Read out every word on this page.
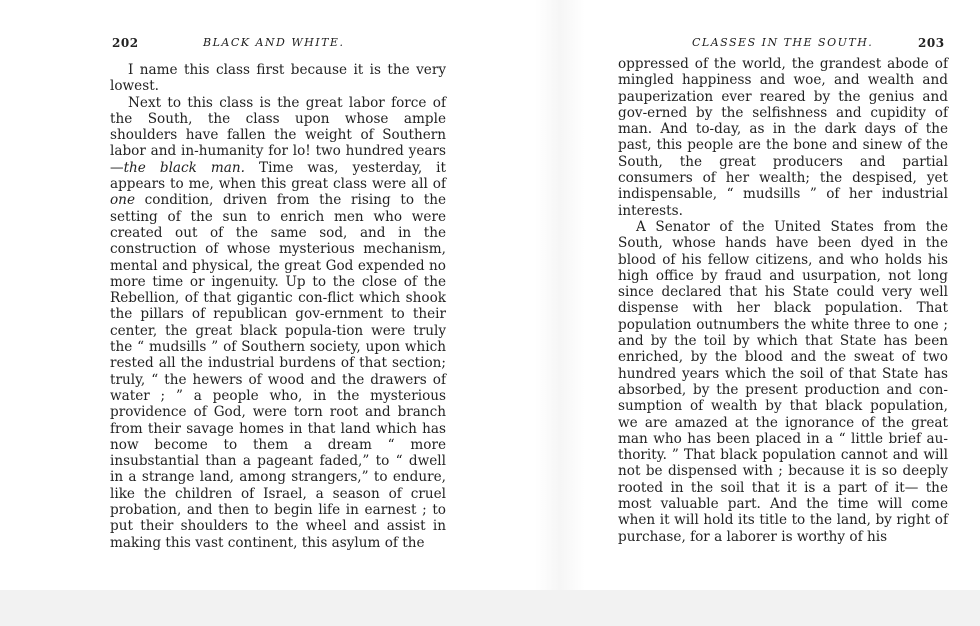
202	BLACK AND WHITE.	CLASSES IN THE SOUTH.	203

I name this class first because it is the very lowest.

Next to this class is the great labor force of the South, the class upon whose ample shoulders have fallen the weight of Southern labor and in-humanity for lo! two hundred years—the black man. Time was, yesterday, it appears to me, when this great class were all of one condition, driven from the rising to the setting of the sun to enrich men who were created out of the same sod, and in the construction of whose mysterious mechanism, mental and physical, the great God expended no more time or ingenuity. Up to the close of the Rebellion, of that gigantic con-flict which shook the pillars of republican gov-ernment to their center, the great black popula-tion were truly the “ mudsills ” of Southern society, upon which rested all the industrial burdens of that section; truly, “ the hewers of wood and the drawers of water ; ” a people who, in the mysterious providence of God, were torn root and branch from their savage homes in that land which has now become to them a dream “ more insubstantial than a pageant faded,” to “ dwell in a strange land, among strangers,” to endure, like the children of Israel, a season of cruel probation, and then to begin life in earnest ; to put their shoulders to the wheel and assist in making this vast continent, this asylum of the

oppressed of the world, the grandest abode of mingled happiness and woe, and wealth and pauperization ever reared by the genius and gov-erned by the selfishness and cupidity of man. And to-day, as in the dark days of the past, this people are the bone and sinew of the South, the great producers and partial consumers of her wealth; the despised, yet indispensable, “ mudsills ” of her industrial interests.

A Senator of the United States from the South, whose hands have been dyed in the blood of his fellow citizens, and who holds his high office by fraud and usurpation, not long since declared that his State could very well dispense with her black population. That population outnumbers the white three to one ; and by the toil by which that State has been enriched, by the blood and the sweat of two hundred years which the soil of that State has absorbed, by the present production and con-sumption of wealth by that black population, we are amazed at the ignorance of the great man who has been placed in a “ little brief au-thority. ” That black population cannot and will not be dispensed with ; because it is so deeply rooted in the soil that it is a part of it— the most valuable part. And the time will come when it will hold its title to the land, by right of purchase, for a laborer is worthy of his
